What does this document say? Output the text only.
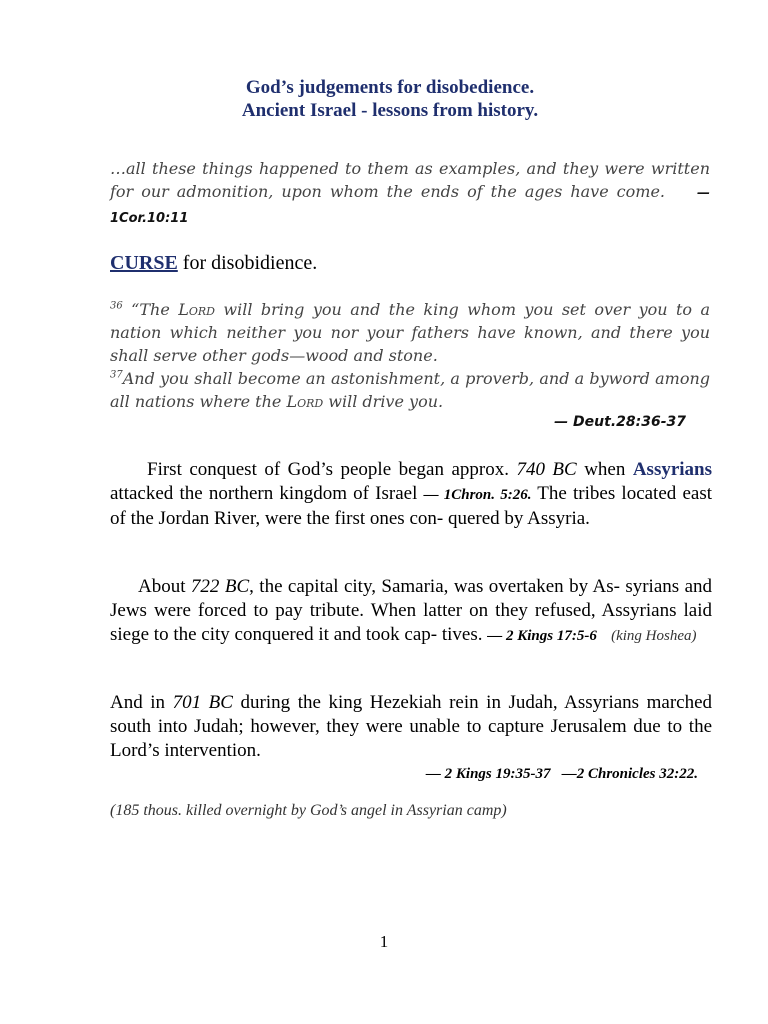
God’s judgements for disobedience.
Ancient Israel - lessons from history.

…all these things happened to them as examples, and they were written for our admonition, upon whom the ends of the ages have come. — 1Cor.10:11

CURSE for disobidience.

$^{36}$ “The Lord will bring you and the king whom you set over you to a nation which neither you nor your fathers have known, and there you shall serve other gods—wood and stone.
$^{37}$And you shall become an astonishment, a proverb, and a byword among all nations where the Lord will drive you.

— Deut.28:36-37

First conquest of God’s people began approx. 740 BC when Assyrians attacked the northern kingdom of Israel — 1Chron. 5:26. The tribes located east of the Jordan River, were the first ones con- quered by Assyria.

About 722 BC, the capital city, Samaria, was overtaken by As- syrians and Jews were forced to pay tribute. When latter on they refused, Assyrians laid siege to the city conquered it and took cap- tives. — 2 Kings 17:5-6 (king Hoshea)

And in 701 BC during the king Hezekiah rein in Judah, Assyrians marched south into Judah; however, they were unable to capture Jerusalem due to the Lord’s intervention.

— 2 Kings 19:35-37   —2 Chronicles 32:22.

(185 thous. killed overnight by God’s angel in Assyrian camp)

1
